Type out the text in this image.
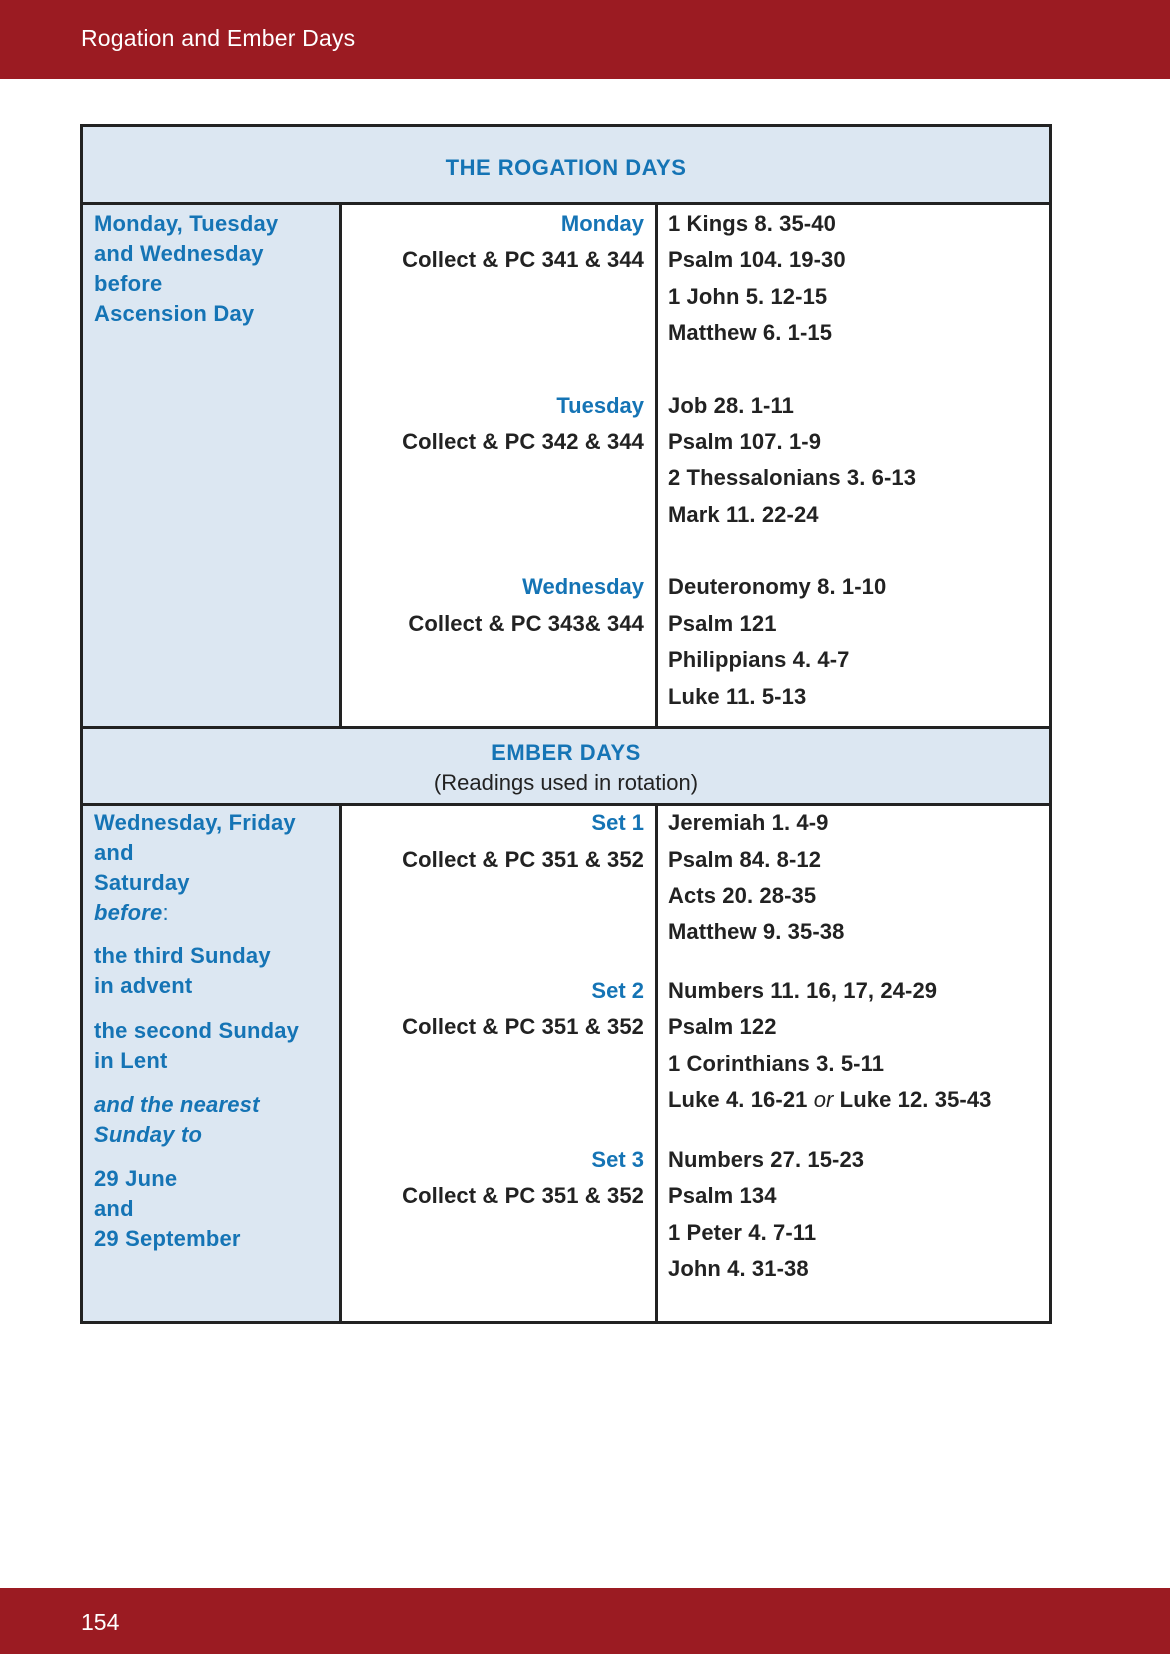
Rogation and Ember Days
THE ROGATION DAYS
Monday, Tuesday
and Wednesday
before
Ascension Day
Monday
Collect & PC 341 & 344
Tuesday
Collect & PC 342 & 344
Wednesday
Collect & PC 343& 344
1 Kings 8. 35-40
Psalm 104. 19-30
1 John 5. 12-15
Matthew 6. 1-15
Job 28. 1-11
Psalm 107. 1-9
2 Thessalonians 3. 6-13
Mark 11. 22-24
Deuteronomy 8. 1-10
Psalm 121
Philippians 4. 4-7
Luke 11. 5-13
EMBER DAYS
(Readings used in rotation)
Wednesday, Friday
and
Saturday
before:
the third Sunday
in advent
the second Sunday
in Lent
and the nearest
Sunday to
29 June
and
29 September
Set 1
Collect & PC 351 & 352
Set 2
Collect & PC 351 & 352
Set 3
Collect & PC 351 & 352
Jeremiah 1. 4-9
Psalm 84. 8-12
Acts 20. 28-35
Matthew 9. 35-38
Numbers 11. 16, 17, 24-29
Psalm 122
1 Corinthians 3. 5-11
Luke 4. 16-21 or Luke 12. 35-43
Numbers 27. 15-23
Psalm 134
1 Peter 4. 7-11
John 4. 31-38
154
